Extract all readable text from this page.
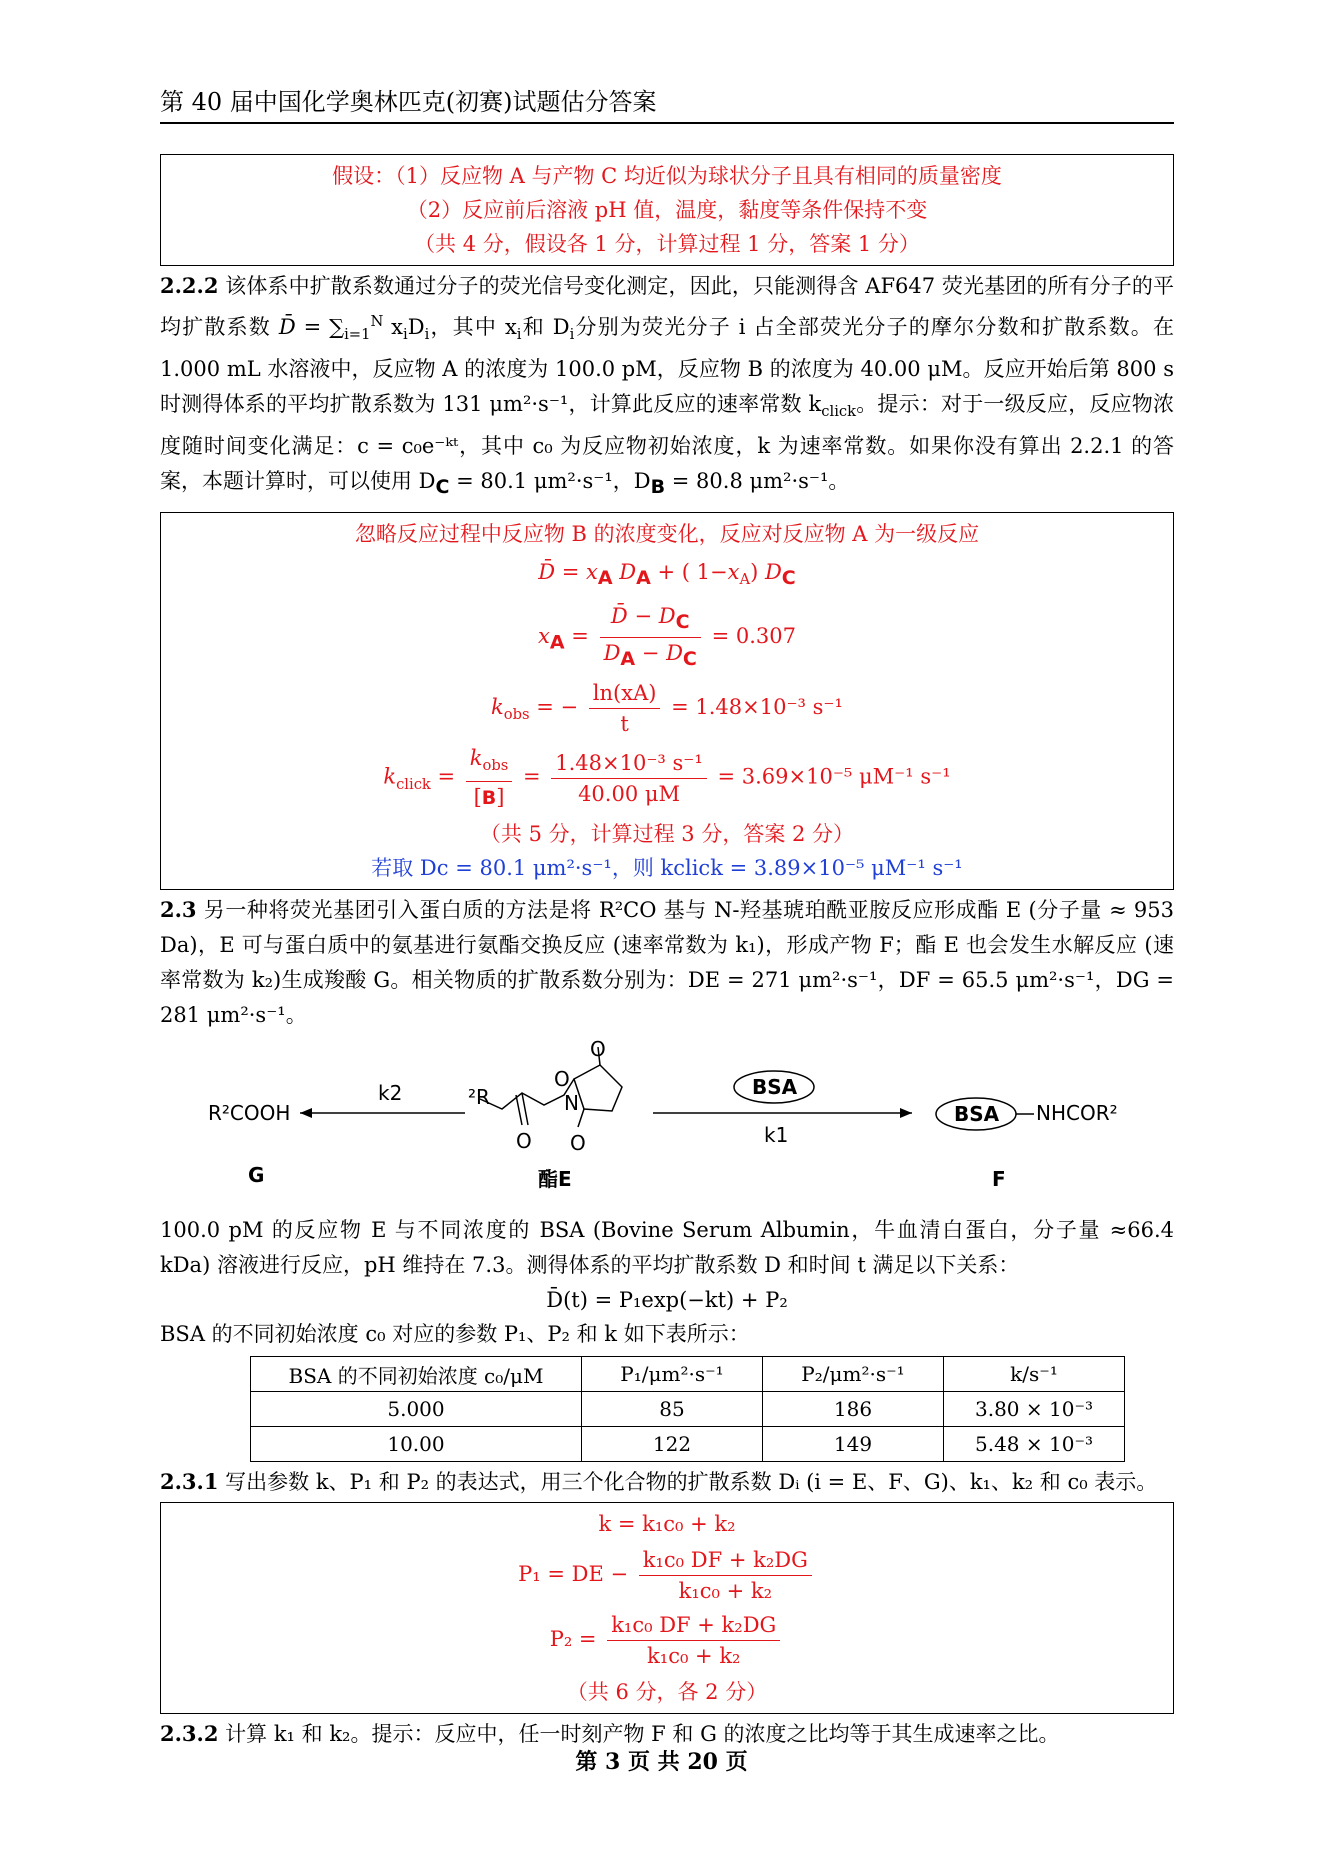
第 40 届中国化学奥林匹克(初赛)试题估分答案
假设：（1）反应物 A 与产物 C 均近似为球状分子且具有相同的质量密度
（2）反应前后溶液 pH 值，温度，黏度等条件保持不变
（共 4 分，假设各 1 分，计算过程 1 分，答案 1 分）

2.2.2 该体系中扩散系数通过分子的荧光信号变化测定，因此，只能测得含 AF647 荧光基团的所有分子的平均扩散系数 D̄ = $\sum_{i=1}^N$ $x_iD_i$，其中 $x_i$和 $D_i$分别为荧光分子 i 占全部荧光分子的摩尔分数和扩散系数。在 1.000 mL 水溶液中，反应物 A 的浓度为 100.0 pM，反应物 B 的浓度为 40.00 μM。反应开始后第 800 s 时测得体系的平均扩散系数为 131 μm²·s⁻¹，计算此反应的速率常数 $k_{click}$。提示：对于一级反应，反应物浓度随时间变化满足：c = c₀e⁻ᵏᵗ，其中 c₀ 为反应物初始浓度，k 为速率常数。如果你没有算出 2.2.1 的答案，本题计算时，可以使用 $D_C = 80.1$ μm²·s⁻¹，$D_B = 80.8$ μm²·s⁻¹。

忽略反应过程中反应物 B 的浓度变化，反应对反应物 A 为一级反应
D̄ = $x_A$ $D_A$ + ( $1-x_A$) $D_C$
$x_A = \frac{D̄ - D_C}{D_A - D_C} = 0.307$
$k_{obs}$ = − $\frac{\ln(xA)}{t} = 1.48\times 10^{-3}$ s⁻¹
$k_{click} = \frac{k_{obs}}{[B]} = \frac{\text{1.48×10⁻³ s⁻¹}}{40.00 \mu M} = 3.69\times 10^{-5}$ μM⁻¹ s⁻¹
（共 5 分，计算过程 3 分，答案 2 分）
若取 Dc = 80.1 μm²·s⁻¹，则 kclick = 3.89×10⁻⁵ μM⁻¹ s⁻¹

2.3 另一种将荧光基团引入蛋白质的方法是将 R²CO 基与 N-羟基琥珀酰亚胺反应形成酯 E (分子量 ≈ 953 Da)，E 可与蛋白质中的氨基进行氨酯交换反应 (速率常数为 k₁)，形成产物 F；酯 E 也会发生水解反应 (速率常数为 k₂)生成羧酸 G。相关物质的扩散系数分别为：DE = 271 μm²·s⁻¹，DF = 65.5 μm²·s⁻¹，DG = 281 μm²·s⁻¹。

R²COOH
G
k2	²R
O
N
O
O
O
酯E
BSA
k1
BSA NHCOR²
F

100.0 pM 的反应物 E 与不同浓度的 BSA (Bovine Serum Albumin，牛血清白蛋白，分子量 ≈66.4 kDa) 溶液进行反应，pH 维持在 7.3。测得体系的平均扩散系数 D 和时间 t 满足以下关系：

D̄(t) = P₁exp(−kt) + P₂

BSA 的不同初始浓度 c₀ 对应的参数 P₁、P₂ 和 k 如下表所示：

BSA 的不同初始浓度 c₀/μM	P₁/μm²·s⁻¹	P₂/μm²·s⁻¹	k/s⁻¹
5.000	85	186	3.80 × 10⁻³
10.00	122	149	5.48 × 10⁻³

2.3.1 写出参数 k、P₁ 和 P₂ 的表达式，用三个化合物的扩散系数 Dᵢ (i = E、F、G)、k₁、k₂ 和 c₀ 表示。

k = k₁c₀ + k₂
P₁ = DE − $\frac{\text{k₁c₀ DF + k₂DG}}{\text{k₁c₀ + k₂}}$
$P_2 = \frac{\text{k₁c₀ DF + k₂DG}}{\text{k₁c₀ + k₂}}$
（共 6 分，各 2 分）

2.3.2 计算 k₁ 和 k₂。提示：反应中，任一时刻产物 F 和 G 的浓度之比均等于其生成速率之比。

第 3 页 共 20 页
